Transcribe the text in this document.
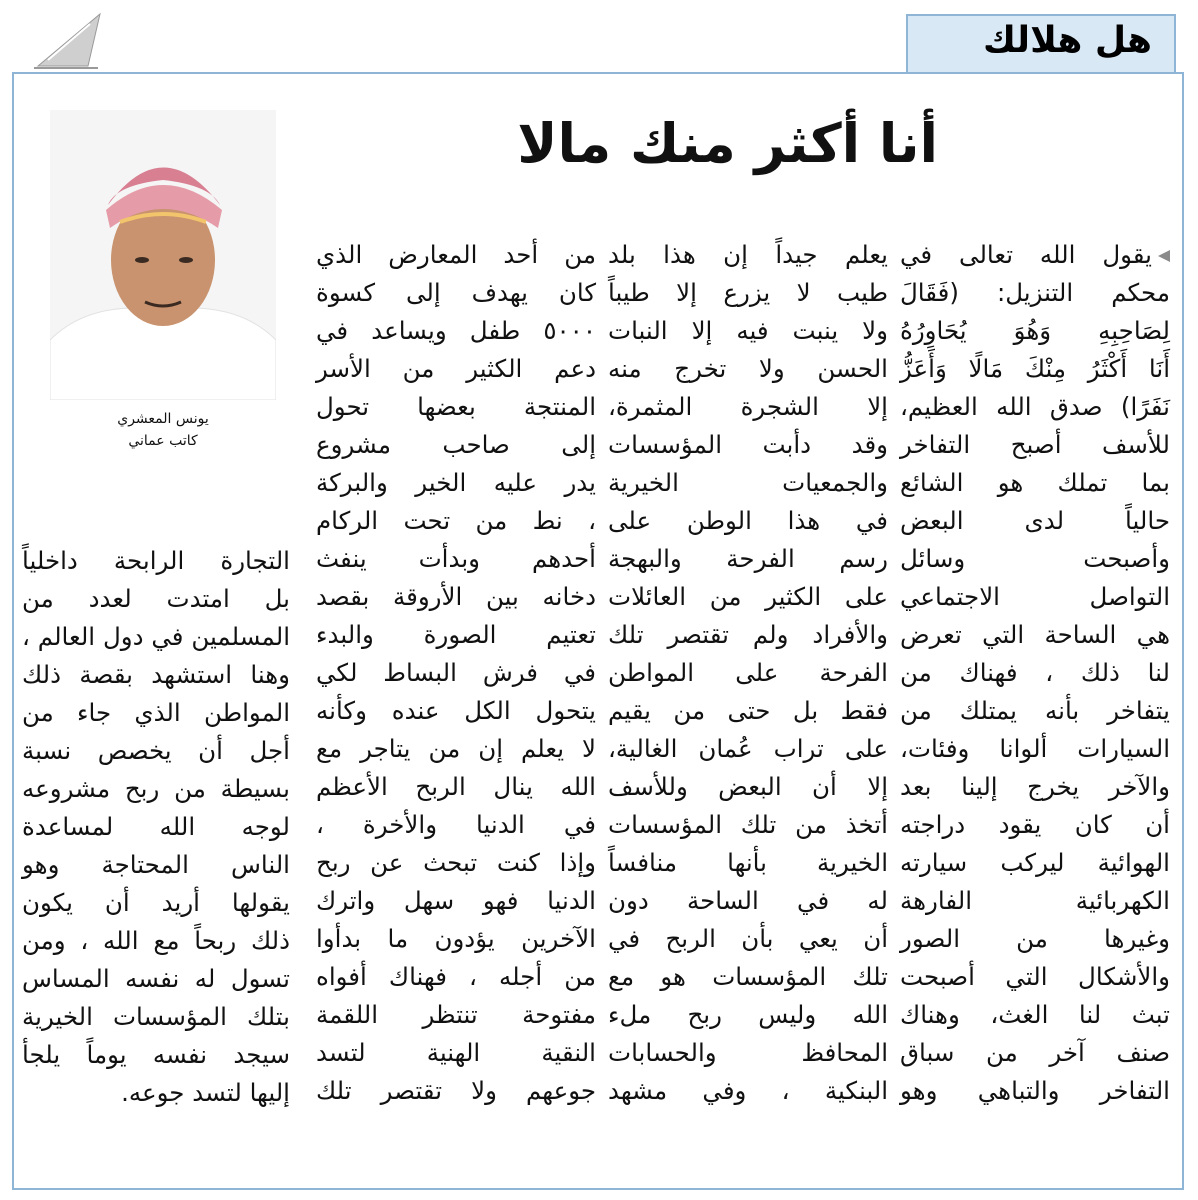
هل هلالك
أنا أكثر منك مالا
يونس المعشري
كاتب عماني
يقول الله تعالى في
محكم التنزيل: (فَقَالَ
لِصَاحِبِهِ وَهُوَ يُحَاوِرُهُ
أَنَا أَكْثَرُ مِنْكَ مَالًا وَأَعَزُّ
نَفَرًا) صدق الله العظيم،
للأسف أصبح التفاخر
بما تملك هو الشائع
حالياً لدى البعض
وأصبحت وسائل
التواصل الاجتماعي
هي الساحة التي تعرض
لنا ذلك ، فهناك من
يتفاخر بأنه يمتلك من
السيارات ألوانا وفئات،
والآخر يخرج إلينا بعد
أن كان يقود دراجته
الهوائية ليركب سيارته
الكهربائية الفارهة
وغيرها من الصور
والأشكال التي أصبحت
تبث لنا الغث، وهناك
صنف آخر من سباق
التفاخر والتباهي وهو
يعلم جيداً إن هذا بلد
طيب لا يزرع إلا طيباً
ولا ينبت فيه إلا النبات
الحسن ولا تخرج منه
إلا الشجرة المثمرة،
وقد دأبت المؤسسات
والجمعيات الخيرية
في هذا الوطن على
رسم الفرحة والبهجة
على الكثير من العائلات
والأفراد ولم تقتصر تلك
الفرحة على المواطن
فقط بل حتى من يقيم
على تراب عُمان الغالية،
إلا أن البعض وللأسف
أتخذ من تلك المؤسسات
الخيرية بأنها منافساً
له في الساحة دون
أن يعي بأن الربح في
تلك المؤسسات هو مع
الله وليس ربح ملء
المحافظ والحسابات
البنكية ، وفي مشهد
من أحد المعارض الذي
كان يهدف إلى كسوة
٥٠٠٠ طفل ويساعد في
دعم الكثير من الأسر
المنتجة بعضها تحول
إلى صاحب مشروع
يدر عليه الخير والبركة
، نط من تحت الركام
أحدهم وبدأت ينفث
دخانه بين الأروقة بقصد
تعتيم الصورة والبدء
في فرش البساط لكي
يتحول الكل عنده وكأنه
لا يعلم إن من يتاجر مع
الله ينال الربح الأعظم
في الدنيا والأخرة ،
وإذا كنت تبحث عن ربح
الدنيا فهو سهل واترك
الآخرين يؤدون ما بدأوا
من أجله ، فهناك أفواه
مفتوحة تنتظر اللقمة
النقية الهنية لتسد
جوعهم ولا تقتصر تلك
التجارة الرابحة داخلياً
بل امتدت لعدد من
المسلمين في دول العالم ،
وهنا استشهد بقصة ذلك
المواطن الذي جاء من
أجل أن يخصص نسبة
بسيطة من ربح مشروعه
لوجه الله لمساعدة
الناس المحتاجة وهو
يقولها أريد أن يكون
ذلك ربحاً مع الله ، ومن
تسول له نفسه المساس
بتلك المؤسسات الخيرية
سيجد نفسه يوماً يلجأ
إليها لتسد جوعه.
